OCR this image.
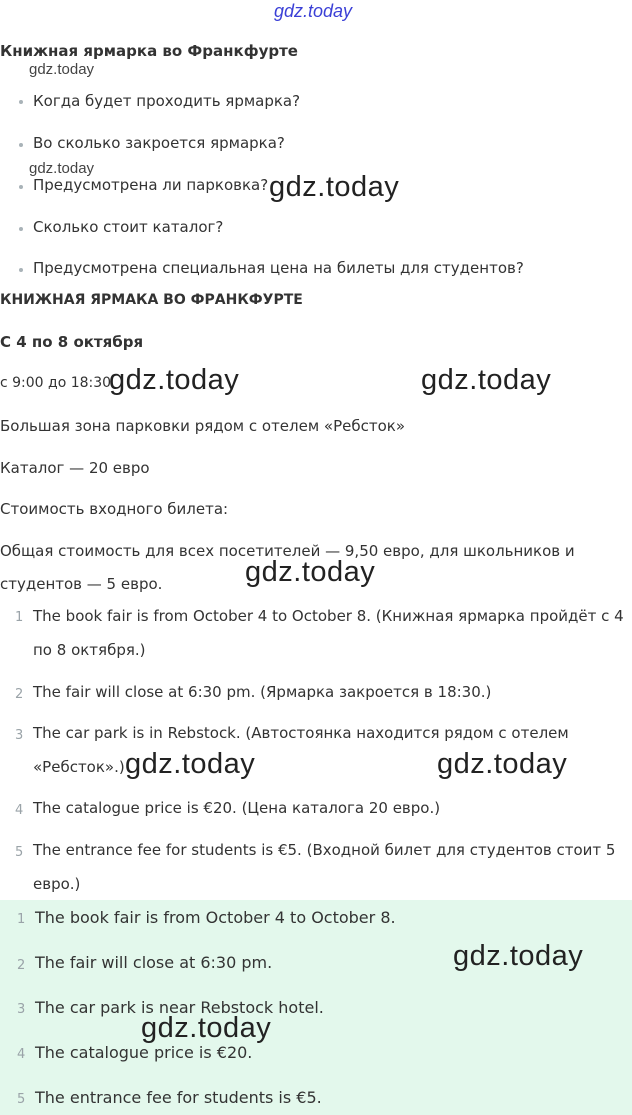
gdz.today
Книжная ярмарка во Франкфурте
Когда будет проходить ярмарка?
Во сколько закроется ярмарка?
Предусмотрена ли парковка?
Сколько стоит каталог?
Предусмотрена специальная цена на билеты для студентов?
КНИЖНАЯ ЯРМАКА ВО ФРАНКФУРТЕ
С 4 по 8 октября
с 9:00 до 18:30
Большая зона парковки рядом с отелем «Ребсток»
Каталог — 20 евро
Стоимость входного билета:
Общая стоимость для всех посетителей — 9,50 евро, для школьников и
студентов — 5 евро.
1 The book fair is from October 4 to October 8. (Книжная ярмарка пройдёт с 4
по 8 октября.)
2 The fair will close at 6:30 pm. (Ярмарка закроется в 18:30.)
3 The car park is in Rebstock. (Автостоянка находится рядом с отелем
«Ребсток».)
4 The catalogue price is €20. (Цена каталога 20 евро.)
5 The entrance fee for students is €5. (Входной билет для студентов стоит 5
евро.)
1 The book fair is from October 4 to October 8.
2 The fair will close at 6:30 pm.
3 The car park is near Rebstock hotel.
4 The catalogue price is €20.
5 The entrance fee for students is €5.
gdz.today
gdz.today
gdz.today
gdz.today	gdz.today
gdz.today
gdz.today	gdz.today
gdz.today
gdz.today
